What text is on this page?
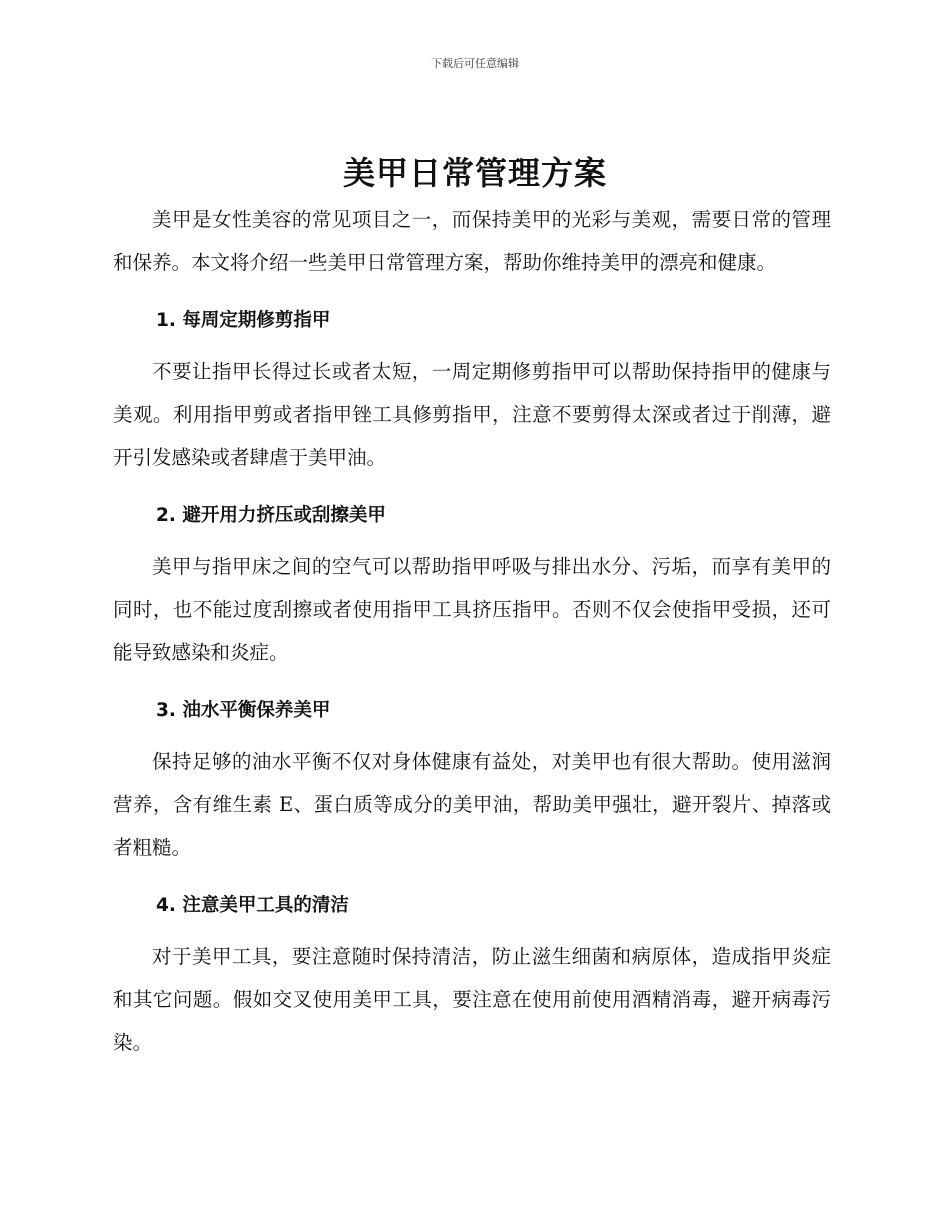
下载后可任意编辑
美甲日常管理方案

美甲是女性美容的常见项目之一，而保持美甲的光彩与美观，需要日常的管理和保养。本文将介绍一些美甲日常管理方案，帮助你维持美甲的漂亮和健康。

1. 每周定期修剪指甲

不要让指甲长得过长或者太短，一周定期修剪指甲可以帮助保持指甲的健康与美观。利用指甲剪或者指甲锉工具修剪指甲，注意不要剪得太深或者过于削薄，避开引发感染或者肆虐于美甲油。

2. 避开用力挤压或刮擦美甲

美甲与指甲床之间的空气可以帮助指甲呼吸与排出水分、污垢，而享有美甲的同时，也不能过度刮擦或者使用指甲工具挤压指甲。否则不仅会使指甲受损，还可能导致感染和炎症。

3. 油水平衡保养美甲

保持足够的油水平衡不仅对身体健康有益处，对美甲也有很大帮助。使用滋润营养，含有维生素 E、蛋白质等成分的美甲油，帮助美甲强壮，避开裂片、掉落或者粗糙。

4. 注意美甲工具的清洁

对于美甲工具，要注意随时保持清洁，防止滋生细菌和病原体，造成指甲炎症和其它问题。假如交叉使用美甲工具，要注意在使用前使用酒精消毒，避开病毒污染。
